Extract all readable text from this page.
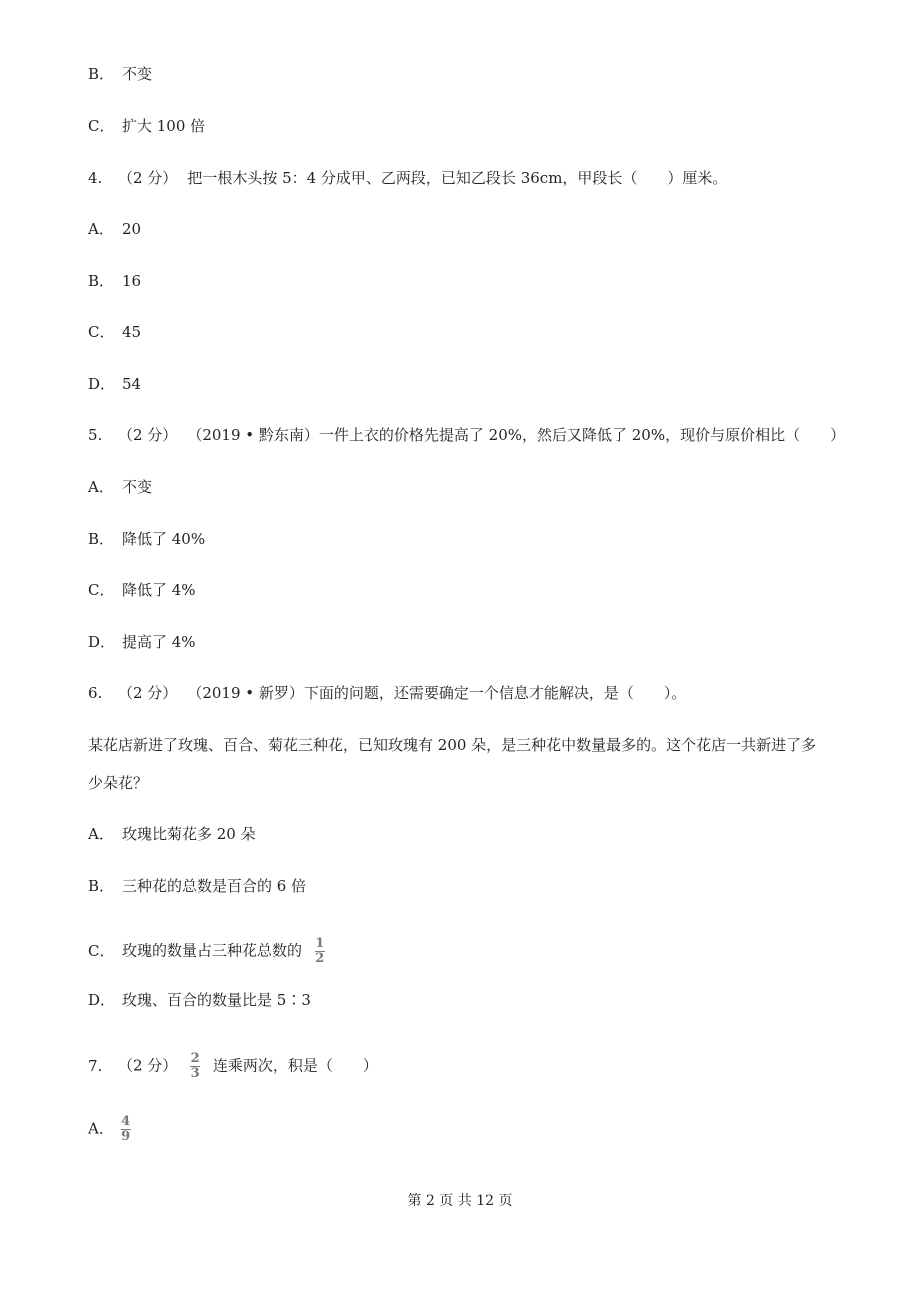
B． 不变
C． 扩大 100 倍
4. （2 分） 把一根木头按 5：4 分成甲、乙两段，已知乙段长 36cm，甲段长（　　）厘米。
A． 20
B． 16
C． 45
D． 54
5. （2 分） （2019 • 黔东南）一件上衣的价格先提高了 20%，然后又降低了 20%，现价与原价相比（　　）
A． 不变
B． 降低了 40%
C． 降低了 4%
D． 提高了 4%
6. （2 分） （2019 • 新罗）下面的问题，还需要确定一个信息才能解决，是（　　）。
某花店新进了玫瑰、百合、菊花三种花，已知玫瑰有 200 朵，是三种花中数量最多的。这个花店一共新进了多
少朵花？
A． 玫瑰比菊花多 20 朵
B． 三种花的总数是百合的 6 倍
C． 玫瑰的数量占三种花总数的 $\frac{1}{2}$
D． 玫瑰、百合的数量比是 5∶3
7. （2 分） $\frac{2}{3}$ 连乘两次，积是（　　）
A． $\frac{4}{9}$
第 2 页 共 12 页
